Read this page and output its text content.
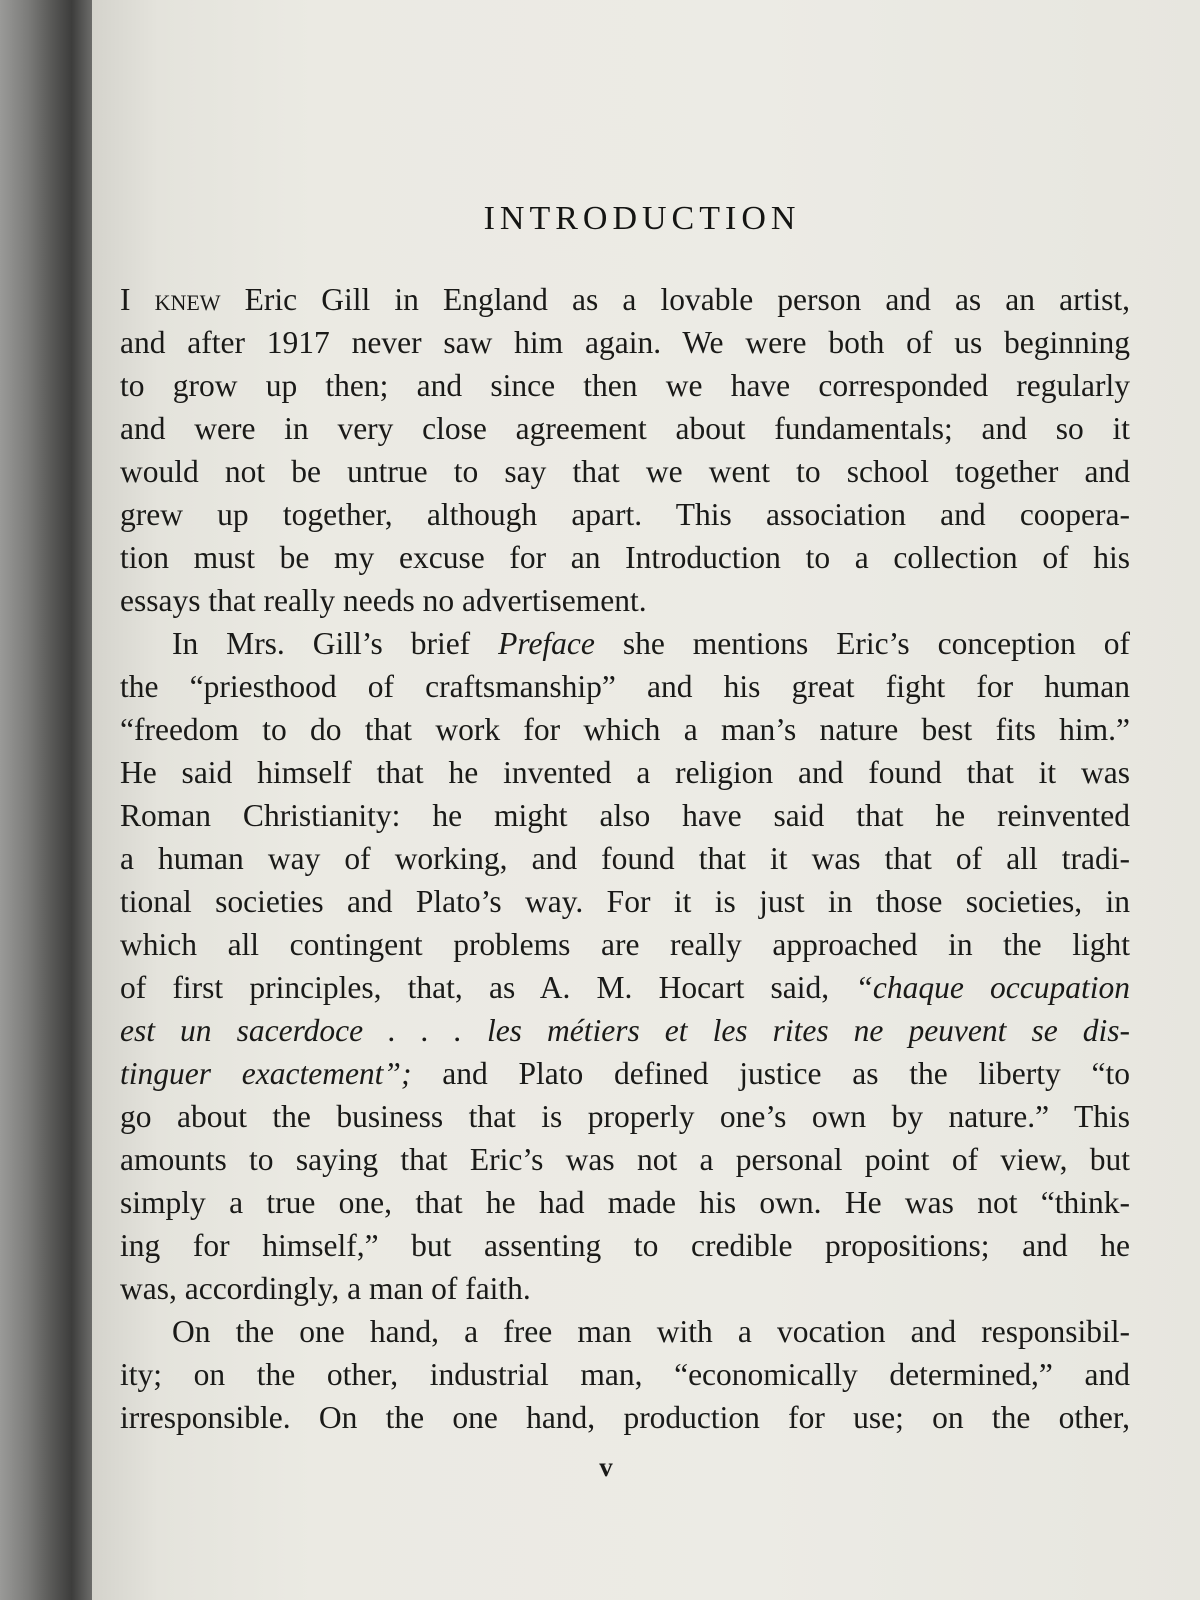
INTRODUCTION
I knew Eric Gill in England as a lovable person and as an artist,
and after 1917 never saw him again. We were both of us beginning
to grow up then; and since then we have corresponded regularly
and were in very close agreement about fundamentals; and so it
would not be untrue to say that we went to school together and
grew up together, although apart. This association and coopera-
tion must be my excuse for an Introduction to a collection of his
essays that really needs no advertisement.
In Mrs. Gill’s brief Preface she mentions Eric’s conception of
the “priesthood of craftsmanship” and his great fight for human
“freedom to do that work for which a man’s nature best fits him.”
He said himself that he invented a religion and found that it was
Roman Christianity: he might also have said that he reinvented
a human way of working, and found that it was that of all tradi-
tional societies and Plato’s way. For it is just in those societies, in
which all contingent problems are really approached in the light
of first principles, that, as A. M. Hocart said, “chaque occupation
est un sacerdoce . . . les métiers et les rites ne peuvent se dis-
tinguer exactement”; and Plato defined justice as the liberty “to
go about the business that is properly one’s own by nature.” This
amounts to saying that Eric’s was not a personal point of view, but
simply a true one, that he had made his own. He was not “think-
ing for himself,” but assenting to credible propositions; and he
was, accordingly, a man of faith.
On the one hand, a free man with a vocation and responsibil-
ity; on the other, industrial man, “economically determined,” and
irresponsible. On the one hand, production for use; on the other,
v
